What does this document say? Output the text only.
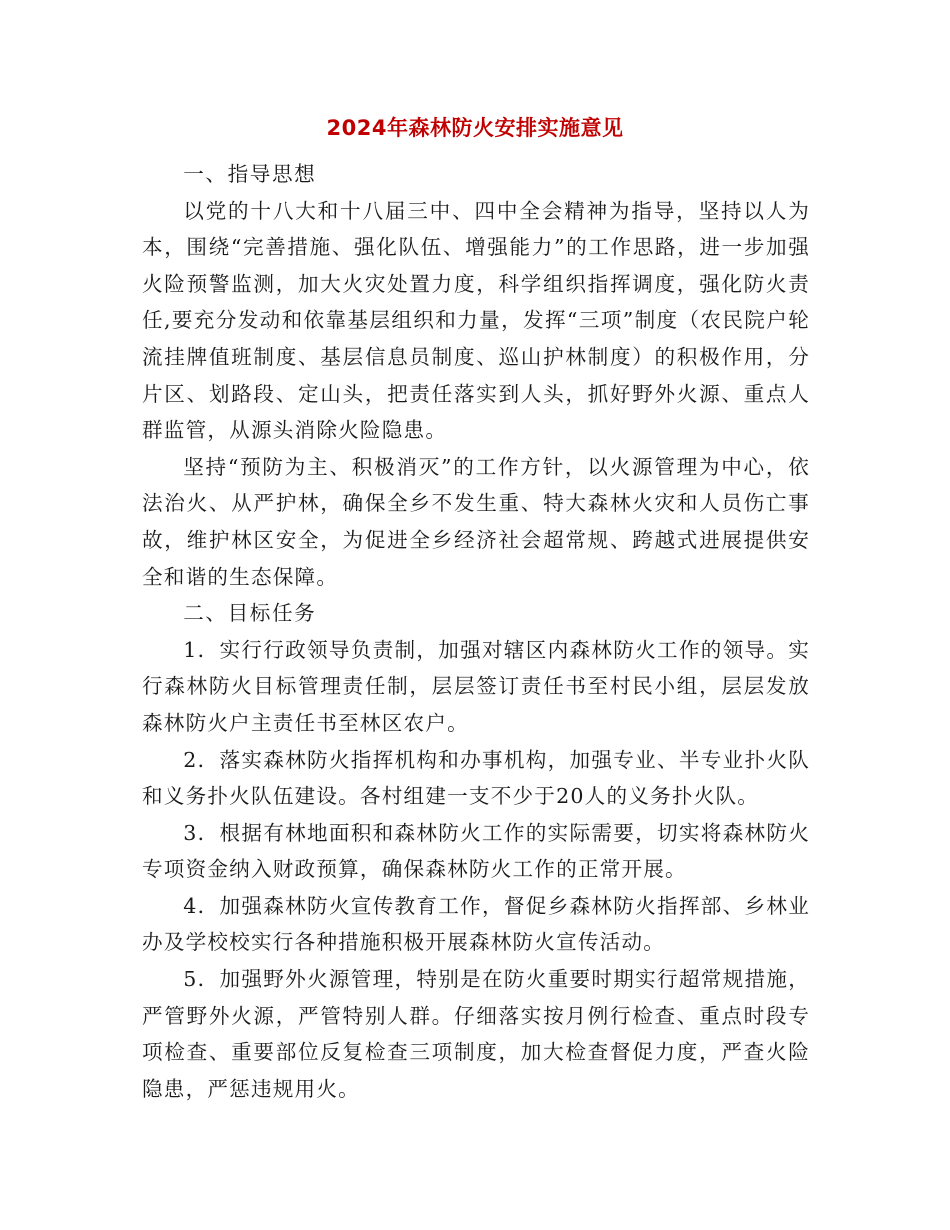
2024年森林防火安排实施意见

一、指导思想

以党的十八大和十八届三中、四中全会精神为指导，坚持以人为本，围绕“完善措施、强化队伍、增强能力”的工作思路，进一步加强火险预警监测，加大火灾处置力度，科学组织指挥调度，强化防火责任,要充分发动和依靠基层组织和力量，发挥“三项”制度（农民院户轮流挂牌值班制度、基层信息员制度、巡山护林制度）的积极作用，分片区、划路段、定山头，把责任落实到人头，抓好野外火源、重点人群监管，从源头消除火险隐患。

坚持“预防为主、积极消灭”的工作方针，以火源管理为中心，依法治火、从严护林，确保全乡不发生重、特大森林火灾和人员伤亡事故，维护林区安全，为促进全乡经济社会超常规、跨越式进展提供安全和谐的生态保障。

二、目标任务

1．实行行政领导负责制，加强对辖区内森林防火工作的领导。实行森林防火目标管理责任制，层层签订责任书至村民小组，层层发放森林防火户主责任书至林区农户。

2．落实森林防火指挥机构和办事机构，加强专业、半专业扑火队和义务扑火队伍建设。各村组建一支不少于20人的义务扑火队。

3．根据有林地面积和森林防火工作的实际需要，切实将森林防火专项资金纳入财政预算，确保森林防火工作的正常开展。

4．加强森林防火宣传教育工作，督促乡森林防火指挥部、乡林业办及学校校实行各种措施积极开展森林防火宣传活动。

5．加强野外火源管理，特别是在防火重要时期实行超常规措施，严管野外火源，严管特别人群。仔细落实按月例行检查、重点时段专项检查、重要部位反复检查三项制度，加大检查督促力度，严查火险隐患，严惩违规用火。
